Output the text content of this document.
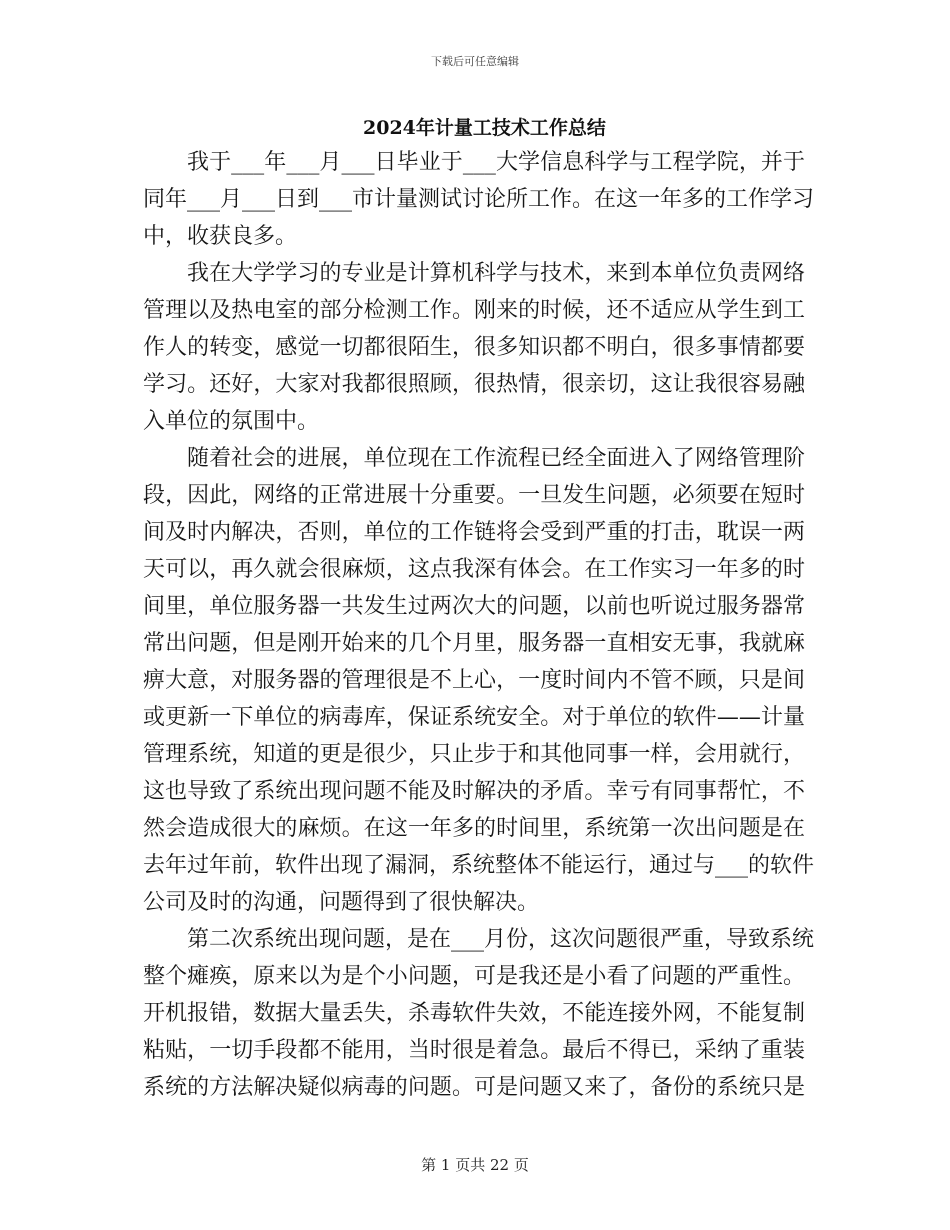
下载后可任意编辑
2024年计量工技术工作总结
我于___年___月___日毕业于___大学信息科学与工程学院，并于
同年___月___日到___市计量测试讨论所工作。在这一年多的工作学习
中，收获良多。
我在大学学习的专业是计算机科学与技术，来到本单位负责网络
管理以及热电室的部分检测工作。刚来的时候，还不适应从学生到工
作人的转变，感觉一切都很陌生，很多知识都不明白，很多事情都要
学习。还好，大家对我都很照顾，很热情，很亲切，这让我很容易融
入单位的氛围中。
随着社会的进展，单位现在工作流程已经全面进入了网络管理阶
段，因此，网络的正常进展十分重要。一旦发生问题，必须要在短时
间及时内解决，否则，单位的工作链将会受到严重的打击，耽误一两
天可以，再久就会很麻烦，这点我深有体会。在工作实习一年多的时
间里，单位服务器一共发生过两次大的问题，以前也听说过服务器常
常出问题，但是刚开始来的几个月里，服务器一直相安无事，我就麻
痹大意，对服务器的管理很是不上心，一度时间内不管不顾，只是间
或更新一下单位的病毒库，保证系统安全。对于单位的软件——计量
管理系统，知道的更是很少，只止步于和其他同事一样，会用就行，
这也导致了系统出现问题不能及时解决的矛盾。幸亏有同事帮忙，不
然会造成很大的麻烦。在这一年多的时间里，系统第一次出问题是在
去年过年前，软件出现了漏洞，系统整体不能运行，通过与___的软件
公司及时的沟通，问题得到了很快解决。
第二次系统出现问题，是在___月份，这次问题很严重，导致系统
整个瘫痪，原来以为是个小问题，可是我还是小看了问题的严重性。
开机报错，数据大量丢失，杀毒软件失效，不能连接外网，不能复制
粘贴，一切手段都不能用，当时很是着急。最后不得已，采纳了重装
系统的方法解决疑似病毒的问题。可是问题又来了，备份的系统只是
第 1 页共 22 页
